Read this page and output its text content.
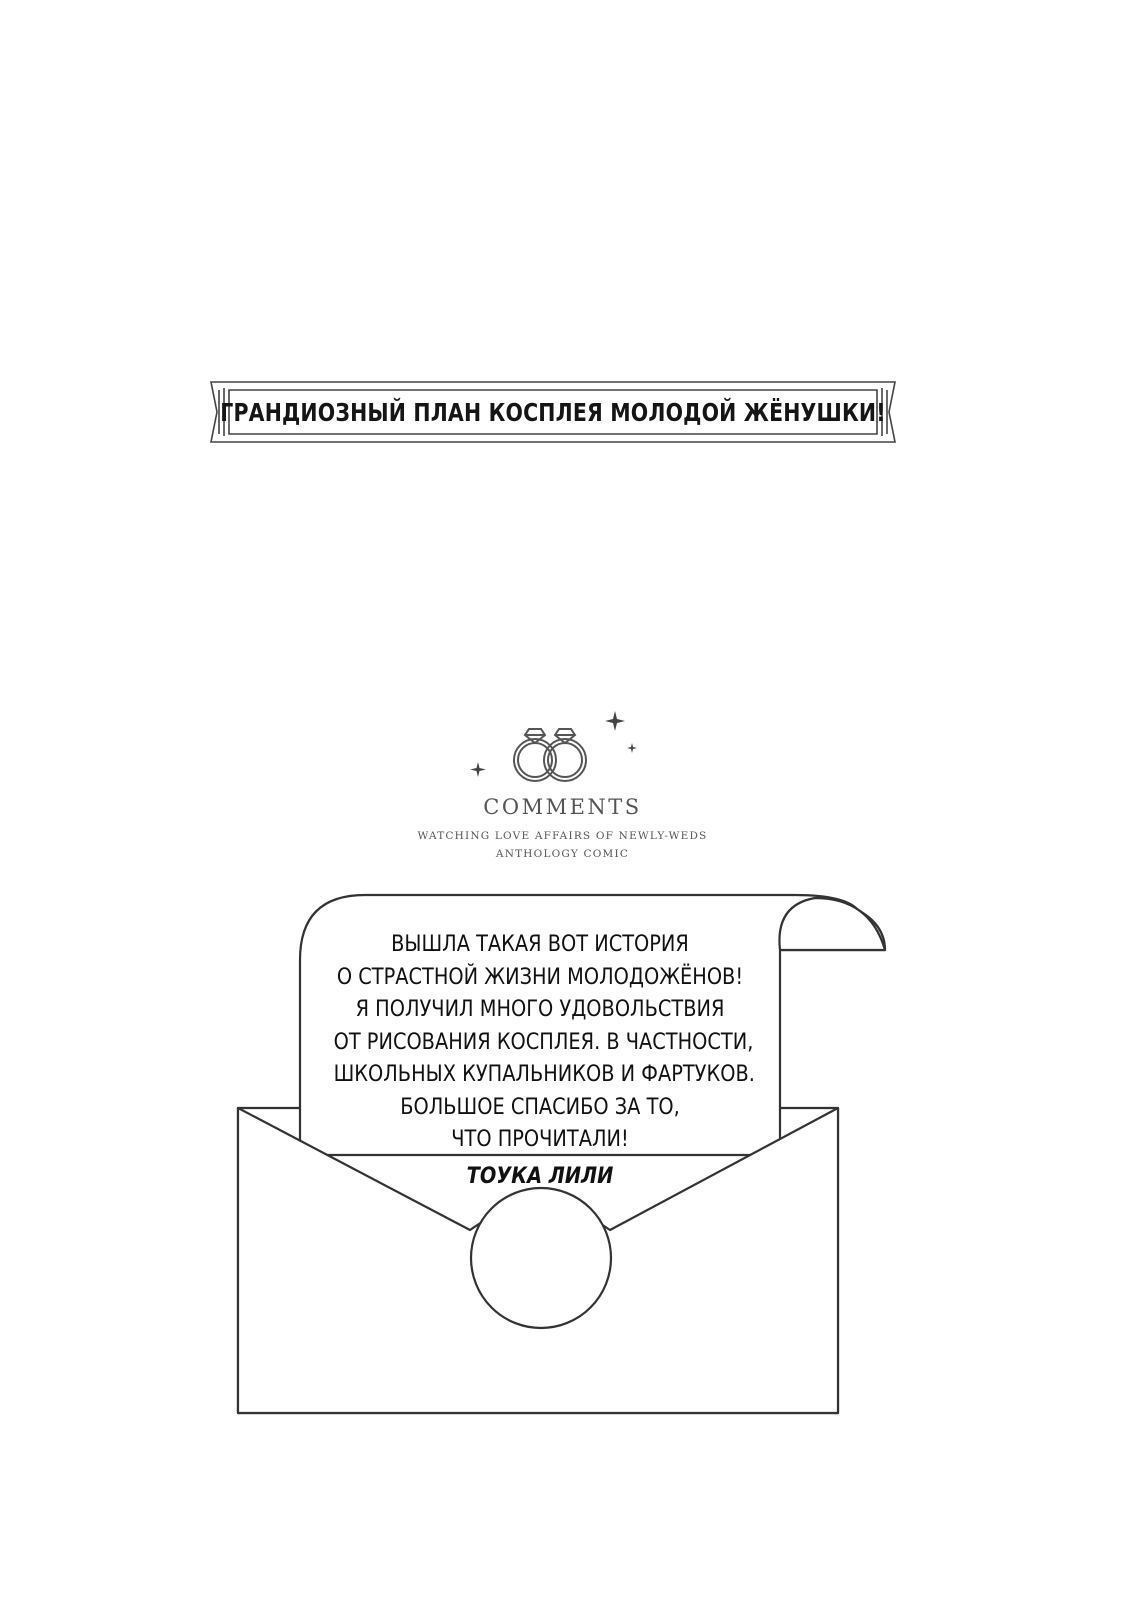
ГРАНДИОЗНЫЙ ПЛАН КОСПЛЕЯ МОЛОДОЙ ЖЁНУШКИ!
COMMENTS
WATCHING LOVE AFFAIRS OF NEWLY-WEDS
ANTHOLOGY COMIC
ВЫШЛА ТАКАЯ ВОТ ИСТОРИЯ
О СТРАСТНОЙ ЖИЗНИ МОЛОДОЖЁНОВ!
Я ПОЛУЧИЛ МНОГО УДОВОЛЬСТВИЯ
ОТ РИСОВАНИЯ КОСПЛЕЯ. В ЧАСТНОСТИ,
ШКОЛЬНЫХ КУПАЛЬНИКОВ И ФАРТУКОВ.
БОЛЬШОЕ СПАСИБО ЗА ТО,
ЧТО ПРОЧИТАЛИ!
ТОУКА ЛИЛИ
